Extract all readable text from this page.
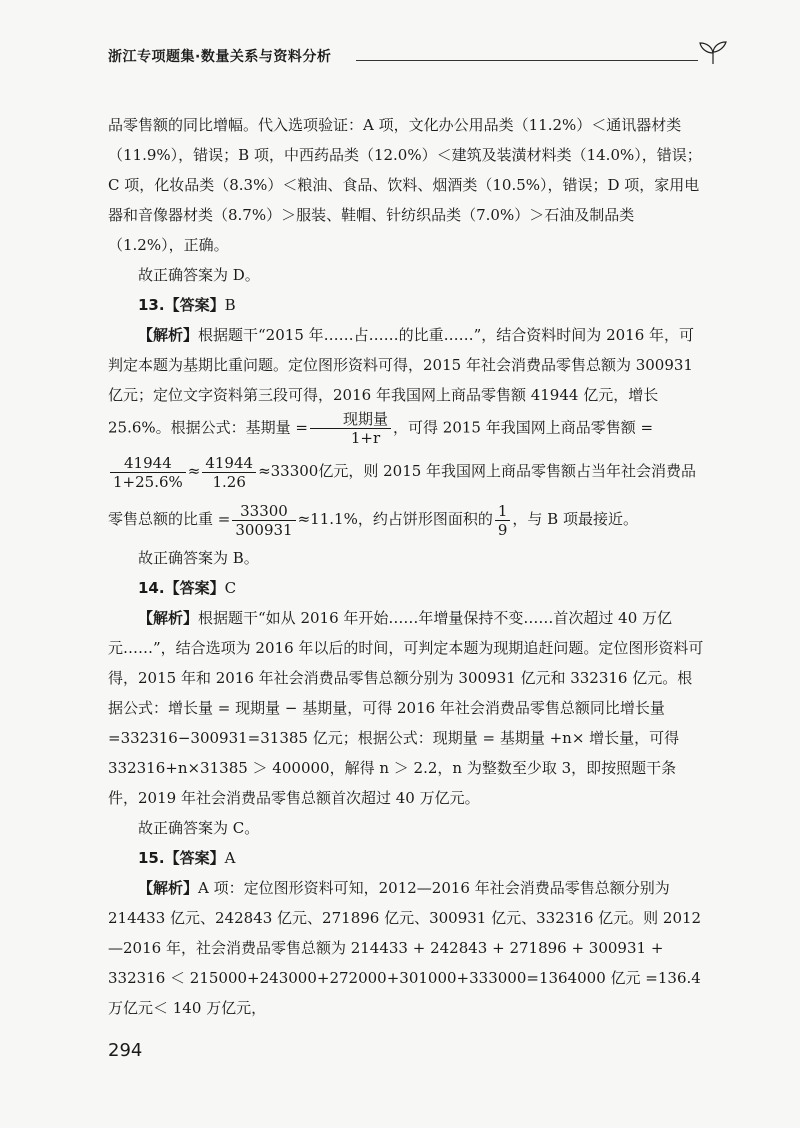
浙江专项题集·数量关系与资料分析

品零售额的同比增幅。代入选项验证：A 项，文化办公用品类（11.2%）＜通讯器材类（11.9%），错误；B 项，中西药品类（12.0%）＜建筑及装潢材料类（14.0%），错误；C 项，化妆品类（8.3%）＜粮油、食品、饮料、烟酒类（10.5%），错误；D 项，家用电器和音像器材类（8.7%）＞服装、鞋帽、针纺织品类（7.0%）＞石油及制品类（1.2%），正确。

故正确答案为 D。

13.【答案】B

【解析】根据题干“2015 年……占……的比重……”，结合资料时间为 2016 年，可判定本题为基期比重问题。定位图形资料可得，2015 年社会消费品零售总额为 300931 亿元；定位文字资料第三段可得，2016 年我国网上商品零售额 41944 亿元，增长 25.6%。根据公式：基期量 = $\frac{\text{现期量}}{1+r}$ ，可得 2015 年我国网上商品零售额 =

$\frac{41944}{1+25.6\%} \approx \frac{41944}{1.26} \approx 33300$亿元，则 2015 年我国网上商品零售额占当年社会消费品零售总额的比重 = $\frac{33300}{300931} \approx 11.1\%$，约占饼形图面积的 $\frac{1}{9}$ ，与 B 项最接近。

故正确答案为 B。

14.【答案】C

【解析】根据题干“如从 2016 年开始……年增量保持不变……首次超过 40 万亿元……”，结合选项为 2016 年以后的时间，可判定本题为现期追赶问题。定位图形资料可得，2015 年和 2016 年社会消费品零售总额分别为 300931 亿元和 332316 亿元。根据公式：增长量 = 现期量 − 基期量，可得 2016 年社会消费品零售总额同比增长量=332316−300931=31385 亿元；根据公式：现期量 = 基期量 +n× 增长量，可得 332316+n×31385 ＞ 400000，解得 n ＞ 2.2，n 为整数至少取 3，即按照题干条件，2019 年社会消费品零售总额首次超过 40 万亿元。

故正确答案为 C。

15.【答案】A

【解析】A 项：定位图形资料可知，2012—2016 年社会消费品零售总额分别为 214433 亿元、242843 亿元、271896 亿元、300931 亿元、332316 亿元。则 2012—2016 年，社会消费品零售总额为 214433 + 242843 + 271896 + 300931 + 332316 ＜ 215000+243000+272000+301000+333000=1364000 亿元 =136.4 万亿元＜ 140 万亿元，

294
